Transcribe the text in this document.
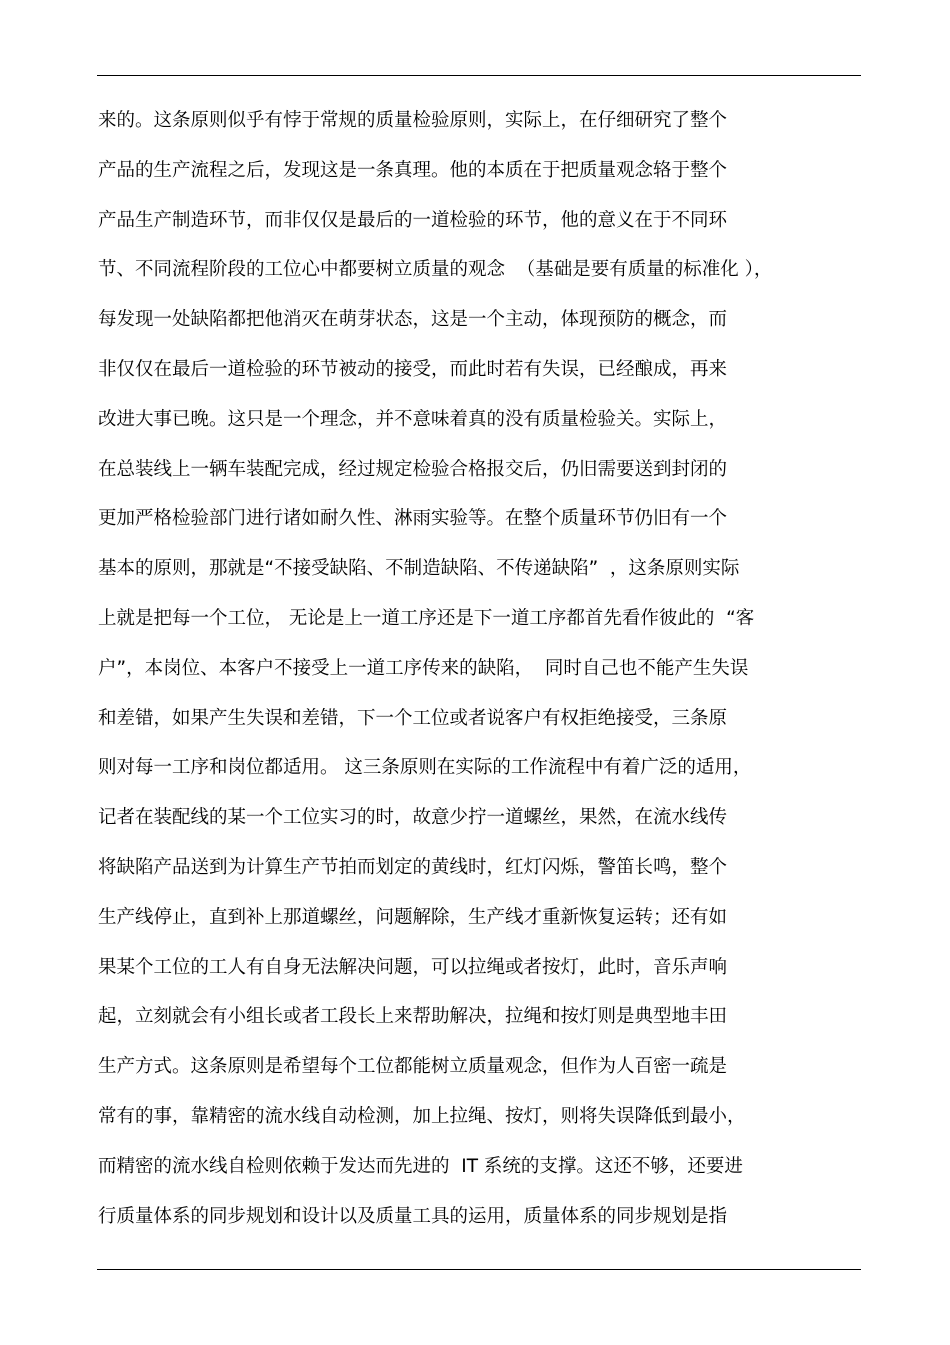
来的。这条原则似乎有悖于常规的质量检验原则，实际上，在仔细研究了整个
产品的生产流程之后，发现这是一条真理。他的本质在于把质量观念辂于整个
产品生产制造环节，而非仅仅是最后的一道检验的环节，他的意义在于不同环
节、不同流程阶段的工位心中都要树立质量的观念  （基础是要有质量的标准化 ），
每发现一处缺陷都把他消灭在萌芽状态，这是一个主动，体现预防的概念，而
非仅仅在最后一道检验的环节被动的接受，而此时若有失误，已经酿成，再来
改进大事已晚。这只是一个理念，并不意味着真的没有质量检验关。实际上，
在总装线上一辆车装配完成，经过规定检验合格报交后，仍旧需要送到封闭的
更加严格检验部门进行诸如耐久性、淋雨实验等。在整个质量环节仍旧有一个
基本的原则，那就是“不接受缺陷、不制造缺陷、不传递缺陷”  ，这条原则实际
上就是把每一个工位， 无论是上一道工序还是下一道工序都首先看作彼此的  “客
户”，本岗位、本客户不接受上一道工序传来的缺陷，  同时自己也不能产生失误
和差错，如果产生失误和差错，下一个工位或者说客户有权拒绝接受，三条原
则对每一工序和岗位都适用。 这三条原则在实际的工作流程中有着广泛的适用，
记者在装配线的某一个工位实习的时，故意少拧一道螺丝，果然，在流水线传
将缺陷产品送到为计算生产节拍而划定的黄线时，红灯闪烁，警笛长鸣，整个
生产线停止，直到补上那道螺丝，问题解除，生产线才重新恢复运转；还有如
果某个工位的工人有自身无法解决问题，可以拉绳或者按灯，此时，音乐声响
起，立刻就会有小组长或者工段长上来帮助解决，拉绳和按灯则是典型地丰田
生产方式。这条原则是希望每个工位都能树立质量观念，但作为人百密一疏是
常有的事，靠精密的流水线自动检测，加上拉绳、按灯，则将失误降低到最小，
而精密的流水线自检则依赖于发达而先进的  IT 系统的支撑。这还不够，还要进
行质量体系的同步规划和设计以及质量工具的运用，质量体系的同步规划是指
